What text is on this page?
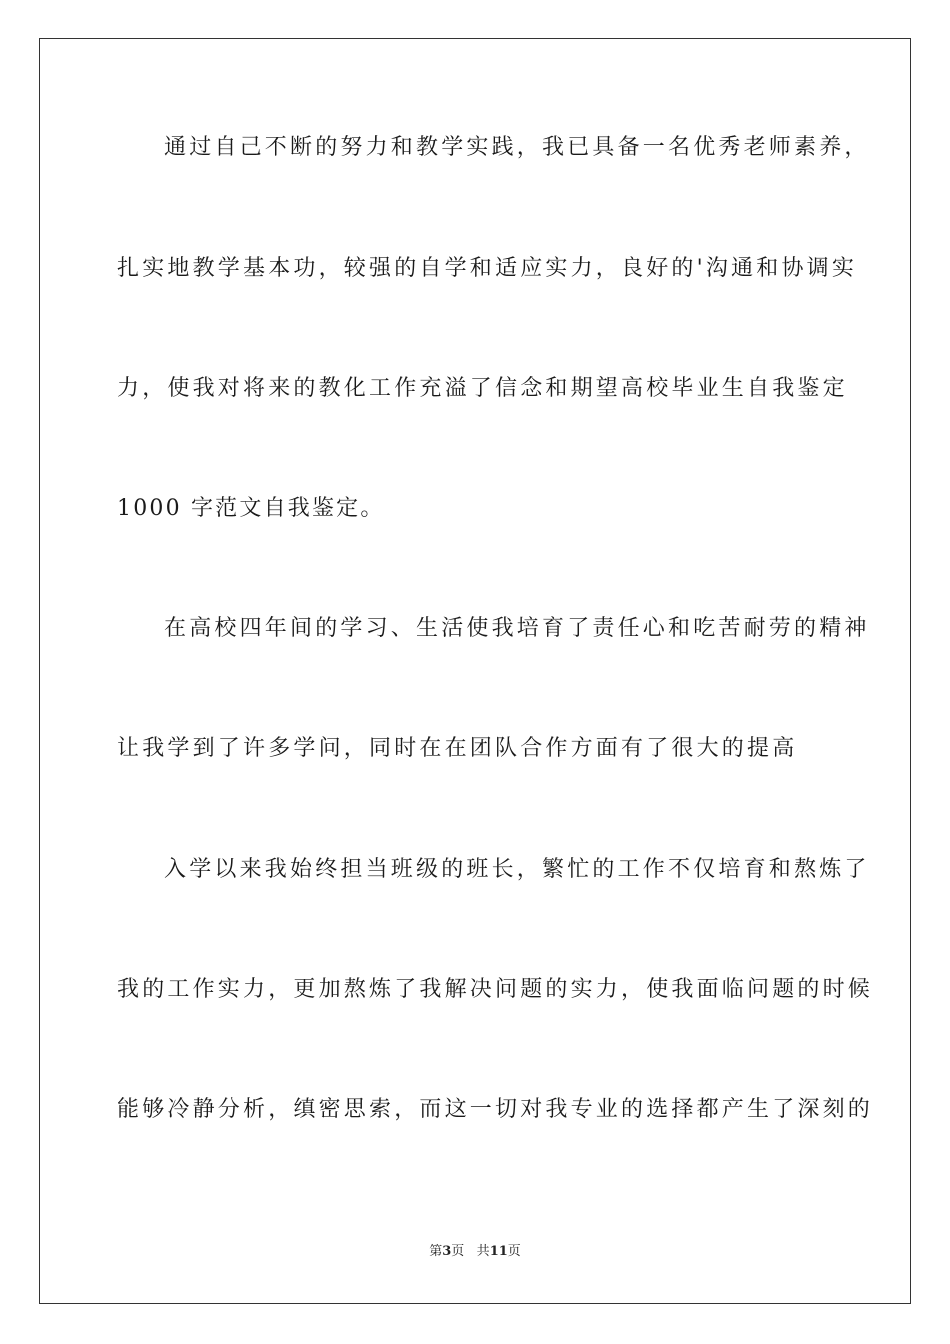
通过自己不断的努力和教学实践，我已具备一名优秀老师素养，
扎实地教学基本功，较强的自学和适应实力，良好的'沟通和协调实
力，使我对将来的教化工作充溢了信念和期望高校毕业生自我鉴定
1000 字范文自我鉴定。
在高校四年间的学习、生活使我培育了责任心和吃苦耐劳的精神
让我学到了许多学问，同时在在团队合作方面有了很大的提高
入学以来我始终担当班级的班长，繁忙的工作不仅培育和熬炼了
我的工作实力，更加熬炼了我解决问题的实力，使我面临问题的时候
能够冷静分析，缜密思索，而这一切对我专业的选择都产生了深刻的
第3页 共11页
